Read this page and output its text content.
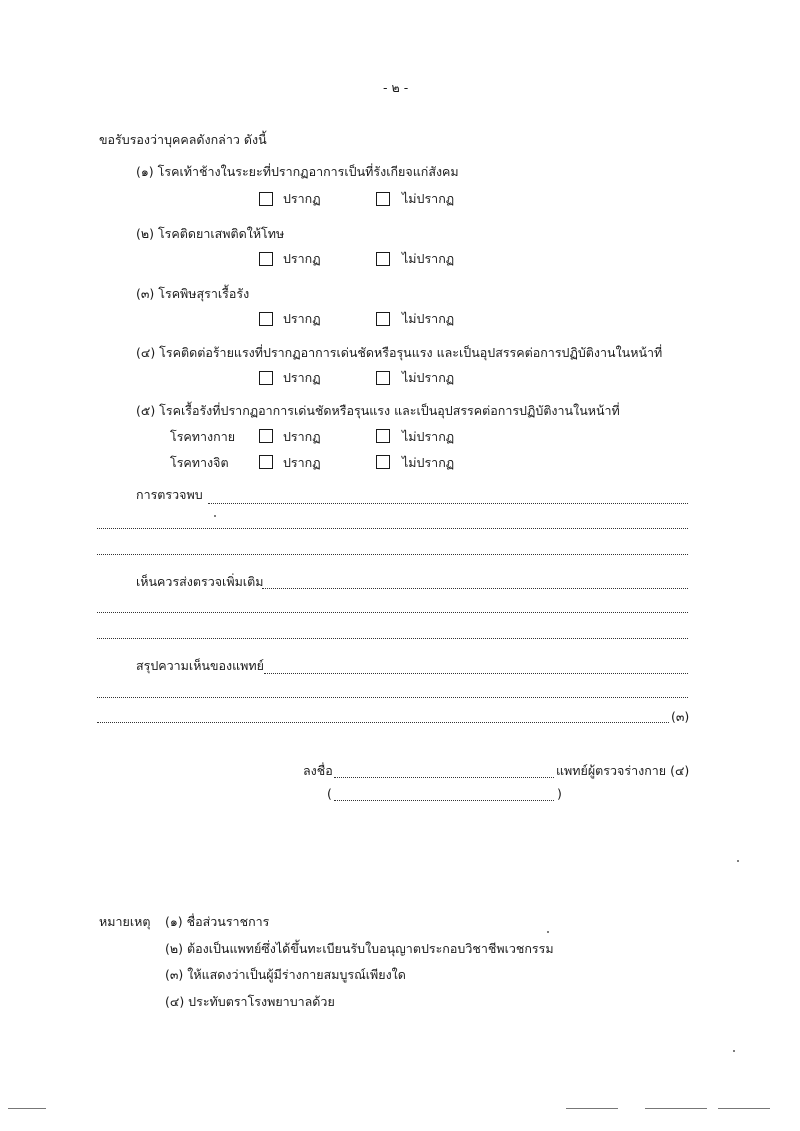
- ๒ -
ขอรับรองว่าบุคคลดังกล่าว ดังนี้
(๑) โรคเท้าช้างในระยะที่ปรากฏอาการเป็นที่รังเกียจแก่สังคม
ปรากฏ	ไม่ปรากฏ
(๒) โรคติดยาเสพติดให้โทษ
ปรากฏ	ไม่ปรากฏ
(๓) โรคพิษสุราเรื้อรัง
ปรากฏ	ไม่ปรากฏ
(๔) โรคติดต่อร้ายแรงที่ปรากฏอาการเด่นชัดหรือรุนแรง และเป็นอุปสรรคต่อการปฏิบัติงานในหน้าที่
ปรากฏ	ไม่ปรากฏ
(๕) โรคเรื้อรังที่ปรากฏอาการเด่นชัดหรือรุนแรง และเป็นอุปสรรคต่อการปฏิบัติงานในหน้าที่
โรคทางกาย	ปรากฏ	ไม่ปรากฏ
โรคทางจิต	ปรากฏ	ไม่ปรากฏ
การตรวจพบ
เห็นควรส่งตรวจเพิ่มเติม
สรุปความเห็นของแพทย์
(๓)
ลงชื่อ	แพทย์ผู้ตรวจร่างกาย (๔)
(	)
หมายเหตุ (๑) ชื่อส่วนราชการ
(๒) ต้องเป็นแพทย์ซึ่งได้ขึ้นทะเบียนรับใบอนุญาตประกอบวิชาชีพเวชกรรม
(๓) ให้แสดงว่าเป็นผู้มีร่างกายสมบูรณ์เพียงใด
(๔) ประทับตราโรงพยาบาลด้วย
